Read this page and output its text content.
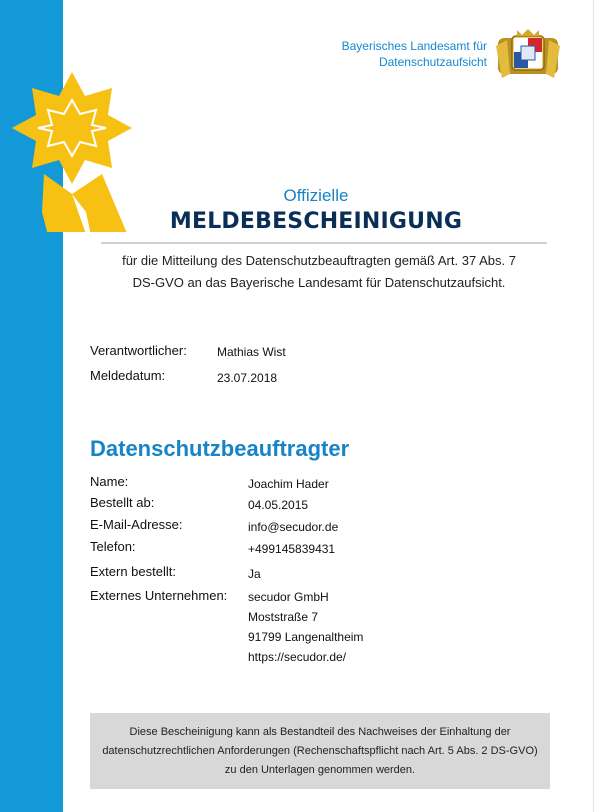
Bayerisches Landesamt für
Datenschutzaufsicht
Offizielle
MELDEBESCHEINIGUNG
für die Mitteilung des Datenschutzbeauftragten gemäß Art. 37 Abs. 7
DS-GVO an das Bayerische Landesamt für Datenschutzaufsicht.
Verantwortlicher:	Mathias Wist
Meldedatum:	23.07.2018
Datenschutzbeauftragter
Name:	Joachim Hader
Bestellt ab:	04.05.2015
E-Mail-Adresse:	info@secudor.de
Telefon:	+499145839431
Extern bestellt:	Ja
Externes Unternehmen: secudor GmbH
Moststraße 7
91799 Langenaltheim
https://secudor.de/
Diese Bescheinigung kann als Bestandteil des Nachweises der Einhaltung der
datenschutzrechtlichen Anforderungen (Rechenschaftspflicht nach Art. 5 Abs. 2 DS-GVO)
zu den Unterlagen genommen werden.
